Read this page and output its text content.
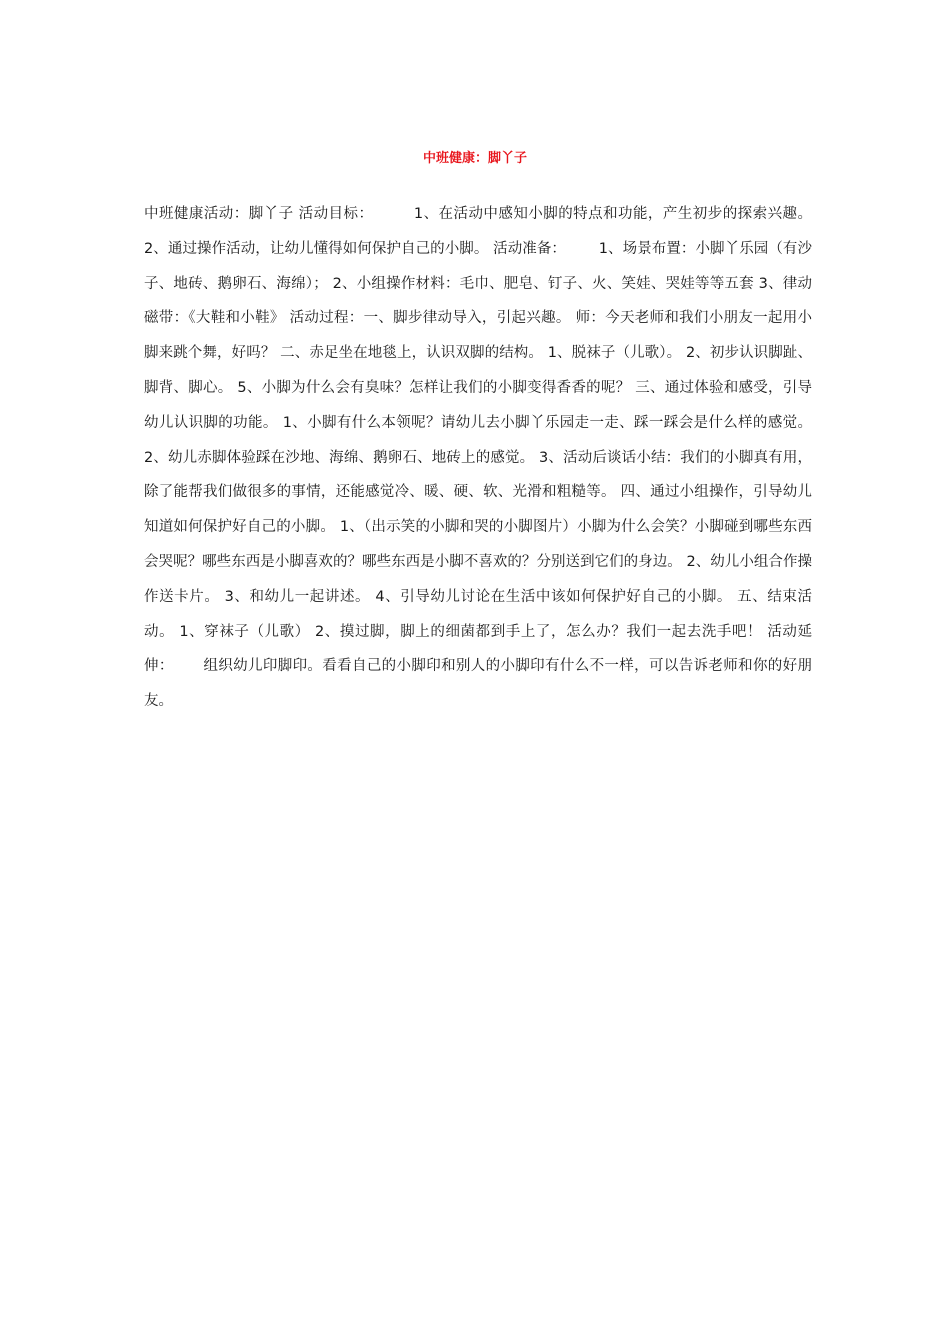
中班健康：脚丫子

中班健康活动：脚丫子 活动目标：        1、在活动中感知小脚的特点和功能，产生初步的探索兴趣。      2、通过操作活动，让幼儿懂得如何保护自己的小脚。 活动准备：       1、场景布置：小脚丫乐园（有沙子、地砖、鹅卵石、海绵）； 2、小组操作材料：毛巾、肥皂、钉子、火、笑娃、哭娃等等五套 3、律动磁带：《大鞋和小鞋》 活动过程：一、脚步律动导入，引起兴趣。 师：今天老师和我们小朋友一起用小脚来跳个舞，好吗？ 二、赤足坐在地毯上，认识双脚的结构。 1、脱袜子（儿歌）。 2、初步认识脚趾、脚背、脚心。 5、小脚为什么会有臭味？怎样让我们的小脚变得香香的呢？ 三、通过体验和感受，引导幼儿认识脚的功能。 1、小脚有什么本领呢？请幼儿去小脚丫乐园走一走、踩一踩会是什么样的感觉。 2、幼儿赤脚体验踩在沙地、海绵、鹅卵石、地砖上的感觉。 3、活动后谈话小结：我们的小脚真有用，除了能帮我们做很多的事情，还能感觉冷、暖、硬、软、光滑和粗糙等。 四、通过小组操作，引导幼儿知道如何保护好自己的小脚。 1、（出示笑的小脚和哭的小脚图片）小脚为什么会笑？小脚碰到哪些东西会哭呢？哪些东西是小脚喜欢的？哪些东西是小脚不喜欢的？分别送到它们的身边。 2、幼儿小组合作操作送卡片。 3、和幼儿一起讲述。 4、引导幼儿讨论在生活中该如何保护好自己的小脚。 五、结束活动。 1、穿袜子（儿歌） 2、摸过脚，脚上的细菌都到手上了，怎么办？我们一起去洗手吧！ 活动延伸：      组织幼儿印脚印。看看自己的小脚印和别人的小脚印有什么不一样，可以告诉老师和你的好朋友。
